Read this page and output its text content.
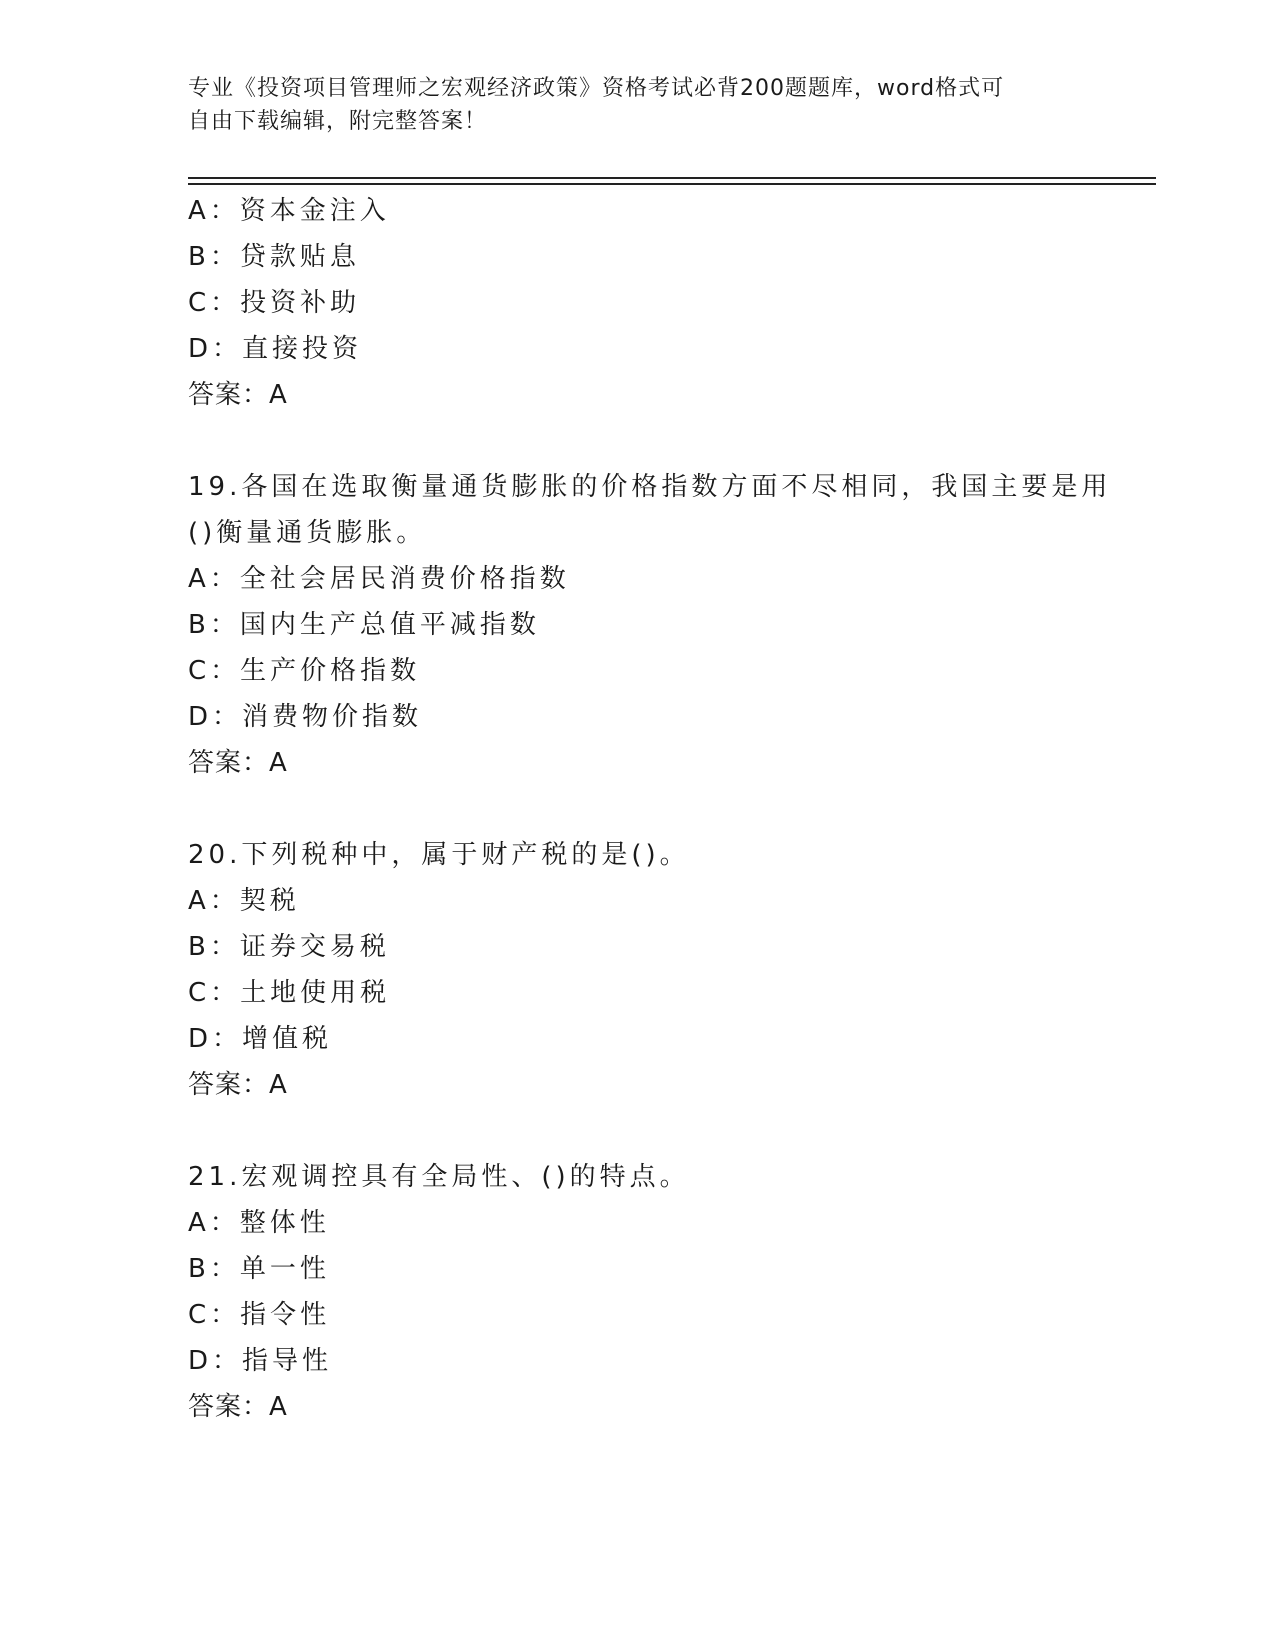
专业《投资项目管理师之宏观经济政策》资格考试必背200题题库，word格式可
自由下载编辑，附完整答案！
A：资本金注入
B：贷款贴息
C：投资补助
D：直接投资
答案：A
19.各国在选取衡量通货膨胀的价格指数方面不尽相同，我国主要是用
()衡量通货膨胀。
A：全社会居民消费价格指数
B：国内生产总值平减指数
C：生产价格指数
D：消费物价指数
答案：A
20.下列税种中，属于财产税的是()。
A：契税
B：证券交易税
C：土地使用税
D：增值税
答案：A
21.宏观调控具有全局性、()的特点。
A：整体性
B：单一性
C：指令性
D：指导性
答案：A
